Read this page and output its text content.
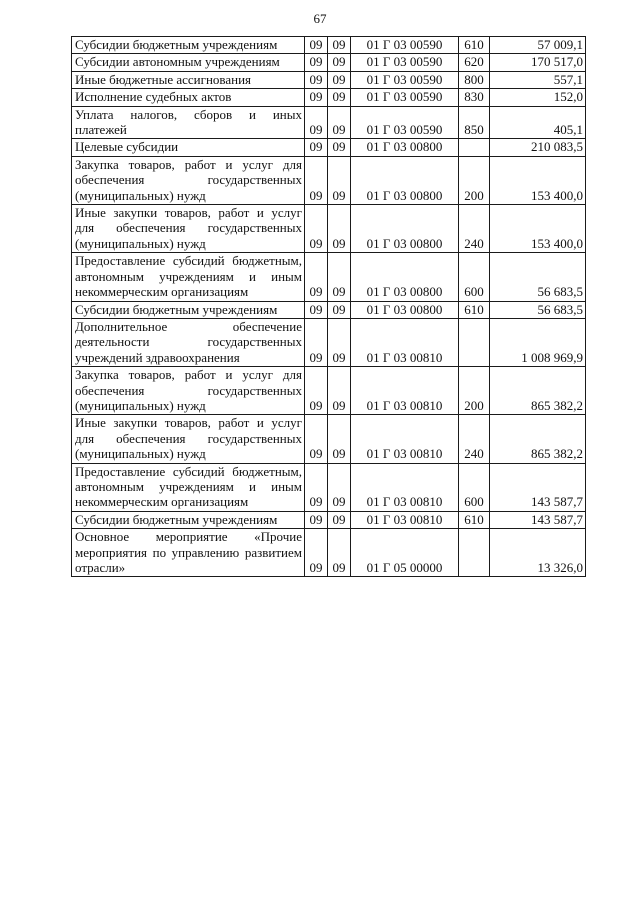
67
Субсидии бюджетным учреждениям	09	09	01 Г 03 00590	610	57 009,1
Субсидии автономным учреждениям	09	09	01 Г 03 00590	620	170 517,0
Иные бюджетные ассигнования	09	09	01 Г 03 00590	800	557,1
Исполнение судебных актов	09	09	01 Г 03 00590	830	152,0
Уплата налогов, сборов и иных платежей	09	09	01 Г 03 00590	850	405,1
Целевые субсидии	09	09	01 Г 03 00800		210 083,5
Закупка товаров, работ и услуг для обеспечения государственных (муниципальных) нужд	09	09	01 Г 03 00800	200	153 400,0
Иные закупки товаров, работ и услуг для обеспечения государственных (муниципальных) нужд	09	09	01 Г 03 00800	240	153 400,0
Предоставление субсидий бюджетным, автономным учреждениям и иным некоммерческим организациям	09	09	01 Г 03 00800	600	56 683,5
Субсидии бюджетным учреждениям	09	09	01 Г 03 00800	610	56 683,5
Дополнительное обеспечение деятельности государственных учреждений здравоохранения	09	09	01 Г 03 00810		1 008 969,9
Закупка товаров, работ и услуг для обеспечения государственных (муниципальных) нужд	09	09	01 Г 03 00810	200	865 382,2
Иные закупки товаров, работ и услуг для обеспечения государственных (муниципальных) нужд	09	09	01 Г 03 00810	240	865 382,2
Предоставление субсидий бюджетным, автономным учреждениям и иным некоммерческим организациям	09	09	01 Г 03 00810	600	143 587,7
Субсидии бюджетным учреждениям	09	09	01 Г 03 00810	610	143 587,7
Основное мероприятие «Прочие мероприятия по управлению развитием отрасли»	09	09	01 Г 05 00000		13 326,0
